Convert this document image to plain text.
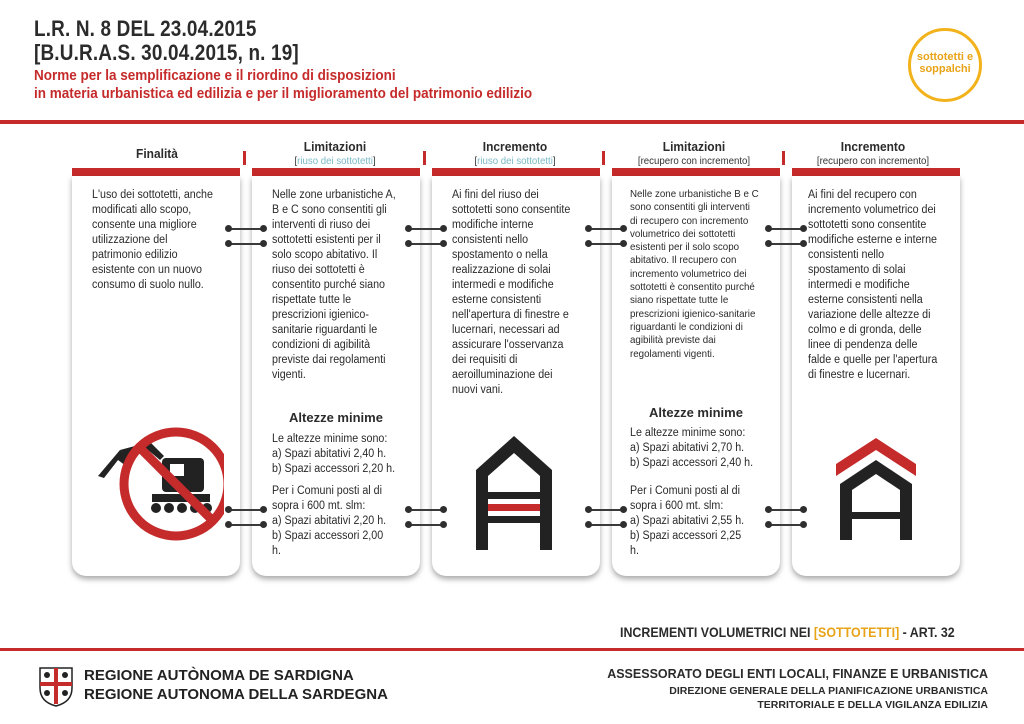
L.R. N. 8 DEL 23.04.2015
[B.U.R.A.S. 30.04.2015, n. 19]
Norme per la semplificazione e il riordino di disposizioni
in materia urbanistica ed edilizia e per il miglioramento del patrimonio edilizio
sottotetti e
soppalchi
Finalità	Limitazioni
[riuso dei sottotetti]
Incremento
[riuso dei sottotetti]
Limitazioni
[recupero con incremento]
Incremento
[recupero con incremento]
L'uso dei sottotetti, anche modificati allo scopo, consente una migliore utilizzazione del patrimonio edilizio esistente con un nuovo consumo di suolo nullo.
Nelle zone urbanistiche A, B e C sono consentiti gli interventi di riuso dei sottotetti esistenti per il solo scopo abitativo. Il riuso dei sottotetti è consentito purché siano rispettate tutte le prescrizioni igienico-sanitarie riguardanti le condizioni di agibilità previste dai regolamenti vigenti.
Altezze minime
Le altezze minime sono:
a) Spazi abitativi 2,40 h.
b) Spazi accessori 2,20 h.
Per i Comuni posti al di sopra i 600 mt. slm:
a) Spazi abitativi 2,20 h.
b) Spazi accessori 2,00 h.
Ai fini del riuso dei sottotetti sono consentite modifiche interne consistenti nello spostamento o nella realizzazione di solai intermedi e modifiche esterne consistenti nell'apertura di finestre e lucernari, necessari ad assicurare l'osservanza dei requisiti di aeroilluminazione dei nuovi vani.
Nelle zone urbanistiche B e C sono consentiti gli interventi di recupero con incremento volumetrico dei sottotetti esistenti per il solo scopo abitativo. Il recupero con incremento volumetrico dei sottotetti è consentito purché siano rispettate tutte le prescrizioni igienico-sanitarie riguardanti le condizioni di agibilità previste dai regolamenti vigenti.
Altezze minime
Le altezze minime sono:
a) Spazi abitativi 2,70 h.
b) Spazi accessori 2,40 h.
Per i Comuni posti al di sopra i 600 mt. slm:
a) Spazi abitativi 2,55 h.
b) Spazi accessori 2,25 h.
Ai fini del recupero con incremento volumetrico dei sottotetti sono consentite modifiche esterne e interne consistenti nello spostamento di solai intermedi e modifiche esterne consistenti nella variazione delle altezze di colmo e di gronda, delle linee di pendenza delle falde e quelle per l'apertura di finestre e lucernari.
INCREMENTI VOLUMETRICI NEI [SOTTOTETTI] - ART. 32
REGIONE AUTÒNOMA DE SARDIGNA
REGIONE AUTONOMA DELLA SARDEGNA
ASSESSORATO DEGLI ENTI LOCALI, FINANZE E URBANISTICA
DIREZIONE GENERALE DELLA PIANIFICAZIONE URBANISTICA
TERRITORIALE E DELLA VIGILANZA EDILIZIA
